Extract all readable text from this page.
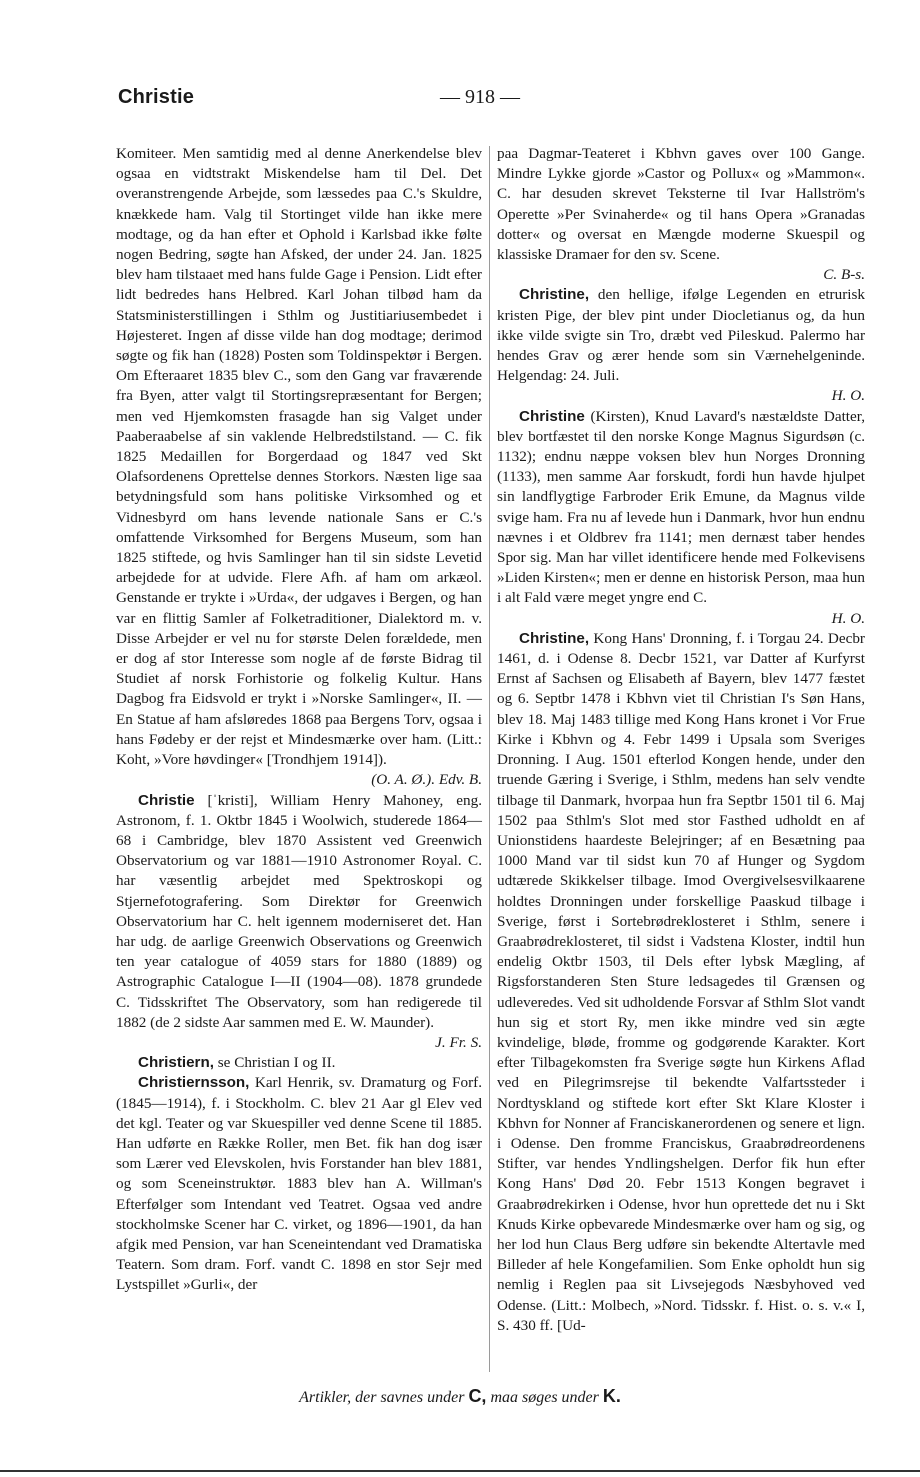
Christie	— 918 —

Komiteer. Men samtidig med al denne Anerkendelse blev ogsaa en vidtstrakt Miskendelse ham til Del. Det overanstrengende Arbejde, som læssedes paa C.'s Skuldre, knækkede ham. Valg til Stortinget vilde han ikke mere modtage, og da han efter et Ophold i Karlsbad ikke følte nogen Bedring, søgte han Afsked, der under 24. Jan. 1825 blev ham tilstaaet med hans fulde Gage i Pension. Lidt efter lidt bedredes hans Helbred. Karl Johan tilbød ham da Statsministerstillingen i Sthlm og Justitiariusembedet i Højesteret. Ingen af disse vilde han dog modtage; derimod søgte og fik han (1828) Posten som Toldinspektør i Bergen. Om Efteraaret 1835 blev C., som den Gang var fraværende fra Byen, atter valgt til Stortingsrepræsentant for Bergen; men ved Hjemkomsten frasagde han sig Valget under Paaberaabelse af sin vaklende Helbredstilstand. — C. fik 1825 Medaillen for Borgerdaad og 1847 ved Skt Olafsordenens Oprettelse dennes Storkors. Næsten lige saa betydningsfuld som hans politiske Virksomhed og et Vidnesbyrd om hans levende nationale Sans er C.'s omfattende Virksomhed for Bergens Museum, som han 1825 stiftede, og hvis Samlinger han til sin sidste Levetid arbejdede for at udvide. Flere Afh. af ham om arkæol. Genstande er trykte i »Urda«, der udgaves i Bergen, og han var en flittig Samler af Folketraditioner, Dialektord m. v. Disse Arbejder er vel nu for største Delen forældede, men er dog af stor Interesse som nogle af de første Bidrag til Studiet af norsk Forhistorie og folkelig Kultur. Hans Dagbog fra Eidsvold er trykt i »Norske Samlinger«, II. — En Statue af ham afsløredes 1868 paa Bergens Torv, ogsaa i hans Fødeby er der rejst et Mindesmærke over ham. (Litt.: Koht, »Vore høvdinger« [Trondhjem 1914]).

(O. A. Ø.). Edv. B.

Christie [ˈkristi], William Henry Mahoney, eng. Astronom, f. 1. Oktbr 1845 i Woolwich, studerede 1864—68 i Cambridge, blev 1870 Assistent ved Greenwich Observatorium og var 1881—1910 Astronomer Royal. C. har væsentlig arbejdet med Spektroskopi og Stjernefotografering. Som Direktør for Greenwich Observatorium har C. helt igennem moderniseret det. Han har udg. de aarlige Greenwich Observations og Greenwich ten year catalogue of 4059 stars for 1880 (1889) og Astrographic Catalogue I—II (1904—08). 1878 grundede C. Tidsskriftet The Observatory, som han redigerede til 1882 (de 2 sidste Aar sammen med E. W. Maunder).

J. Fr. S.

Christiern, se Christian I og II.

Christiernsson, Karl Henrik, sv. Dramaturg og Forf. (1845—1914), f. i Stockholm. C. blev 21 Aar gl Elev ved det kgl. Teater og var Skuespiller ved denne Scene til 1885. Han udførte en Række Roller, men Bet. fik han dog især som Lærer ved Elevskolen, hvis Forstander han blev 1881, og som Sceneinstruktør. 1883 blev han A. Willman's Efterfølger som Intendant ved Teatret. Ogsaa ved andre stockholmske Scener har C. virket, og 1896—1901, da han afgik med Pension, var han Sceneintendant ved Dramatiska Teatern. Som dram. Forf. vandt C. 1898 en stor Sejr med Lystspillet »Gurli«, der

paa Dagmar-Teateret i Kbhvn gaves over 100 Gange. Mindre Lykke gjorde »Castor og Pollux« og »Mammon«. C. har desuden skrevet Teksterne til Ivar Hallström's Operette »Per Svinaherde« og til hans Opera »Granadas dotter« og oversat en Mængde moderne Skuespil og klassiske Dramaer for den sv. Scene.

C. B-s.

Christine, den hellige, ifølge Legenden en etrurisk kristen Pige, der blev pint under Diocletianus og, da hun ikke vilde svigte sin Tro, dræbt ved Pileskud. Palermo har hendes Grav og ærer hende som sin Værnehelgeninde. Helgendag: 24. Juli.

H. O.

Christine (Kirsten), Knud Lavard's næstældste Datter, blev bortfæstet til den norske Konge Magnus Sigurdsøn (c. 1132); endnu næppe voksen blev hun Norges Dronning (1133), men samme Aar forskudt, fordi hun havde hjulpet sin landflygtige Farbroder Erik Emune, da Magnus vilde svige ham. Fra nu af levede hun i Danmark, hvor hun endnu nævnes i et Oldbrev fra 1141; men dernæst taber hendes Spor sig. Man har villet identificere hende med Folkevisens »Liden Kirsten«; men er denne en historisk Person, maa hun i alt Fald være meget yngre end C.

H. O.

Christine, Kong Hans' Dronning, f. i Torgau 24. Decbr 1461, d. i Odense 8. Decbr 1521, var Datter af Kurfyrst Ernst af Sachsen og Elisabeth af Bayern, blev 1477 fæstet og 6. Septbr 1478 i Kbhvn viet til Christian I's Søn Hans, blev 18. Maj 1483 tillige med Kong Hans kronet i Vor Frue Kirke i Kbhvn og 4. Febr 1499 i Upsala som Sveriges Dronning. I Aug. 1501 efterlod Kongen hende, under den truende Gæring i Sverige, i Sthlm, medens han selv vendte tilbage til Danmark, hvorpaa hun fra Septbr 1501 til 6. Maj 1502 paa Sthlm's Slot med stor Fasthed udholdt en af Unionstidens haardeste Belejringer; af en Besætning paa 1000 Mand var til sidst kun 70 af Hunger og Sygdom udtærede Skikkelser tilbage. Imod Overgivelsesvilkaarene holdtes Dronningen under forskellige Paaskud tilbage i Sverige, først i Sortebrødreklosteret i Sthlm, senere i Graabrødreklosteret, til sidst i Vadstena Kloster, indtil hun endelig Oktbr 1503, til Dels efter lybsk Mægling, af Rigsforstanderen Sten Sture ledsagedes til Grænsen og udleveredes. Ved sit udholdende Forsvar af Sthlm Slot vandt hun sig et stort Ry, men ikke mindre ved sin ægte kvindelige, bløde, fromme og godgørende Karakter. Kort efter Tilbagekomsten fra Sverige søgte hun Kirkens Aflad ved en Pilegrimsrejse til bekendte Valfartssteder i Nordtyskland og stiftede kort efter Skt Klare Kloster i Kbhvn for Nonner af Franciskanerordenen og senere et lign. i Odense. Den fromme Franciskus, Graabrødreordenens Stifter, var hendes Yndlingshelgen. Derfor fik hun efter Kong Hans' Død 20. Febr 1513 Kongen begravet i Graabrødrekirken i Odense, hvor hun oprettede det nu i Skt Knuds Kirke opbevarede Mindesmærke over ham og sig, og her lod hun Claus Berg udføre sin bekendte Altertavle med Billeder af hele Kongefamilien. Som Enke opholdt hun sig nemlig i Reglen paa sit Livsejegods Næsbyhoved ved Odense. (Litt.: Molbech, »Nord. Tidsskr. f. Hist. o. s. v.« I, S. 430 ff. [Ud-

Artikler, der savnes under C, maa søges under K.
